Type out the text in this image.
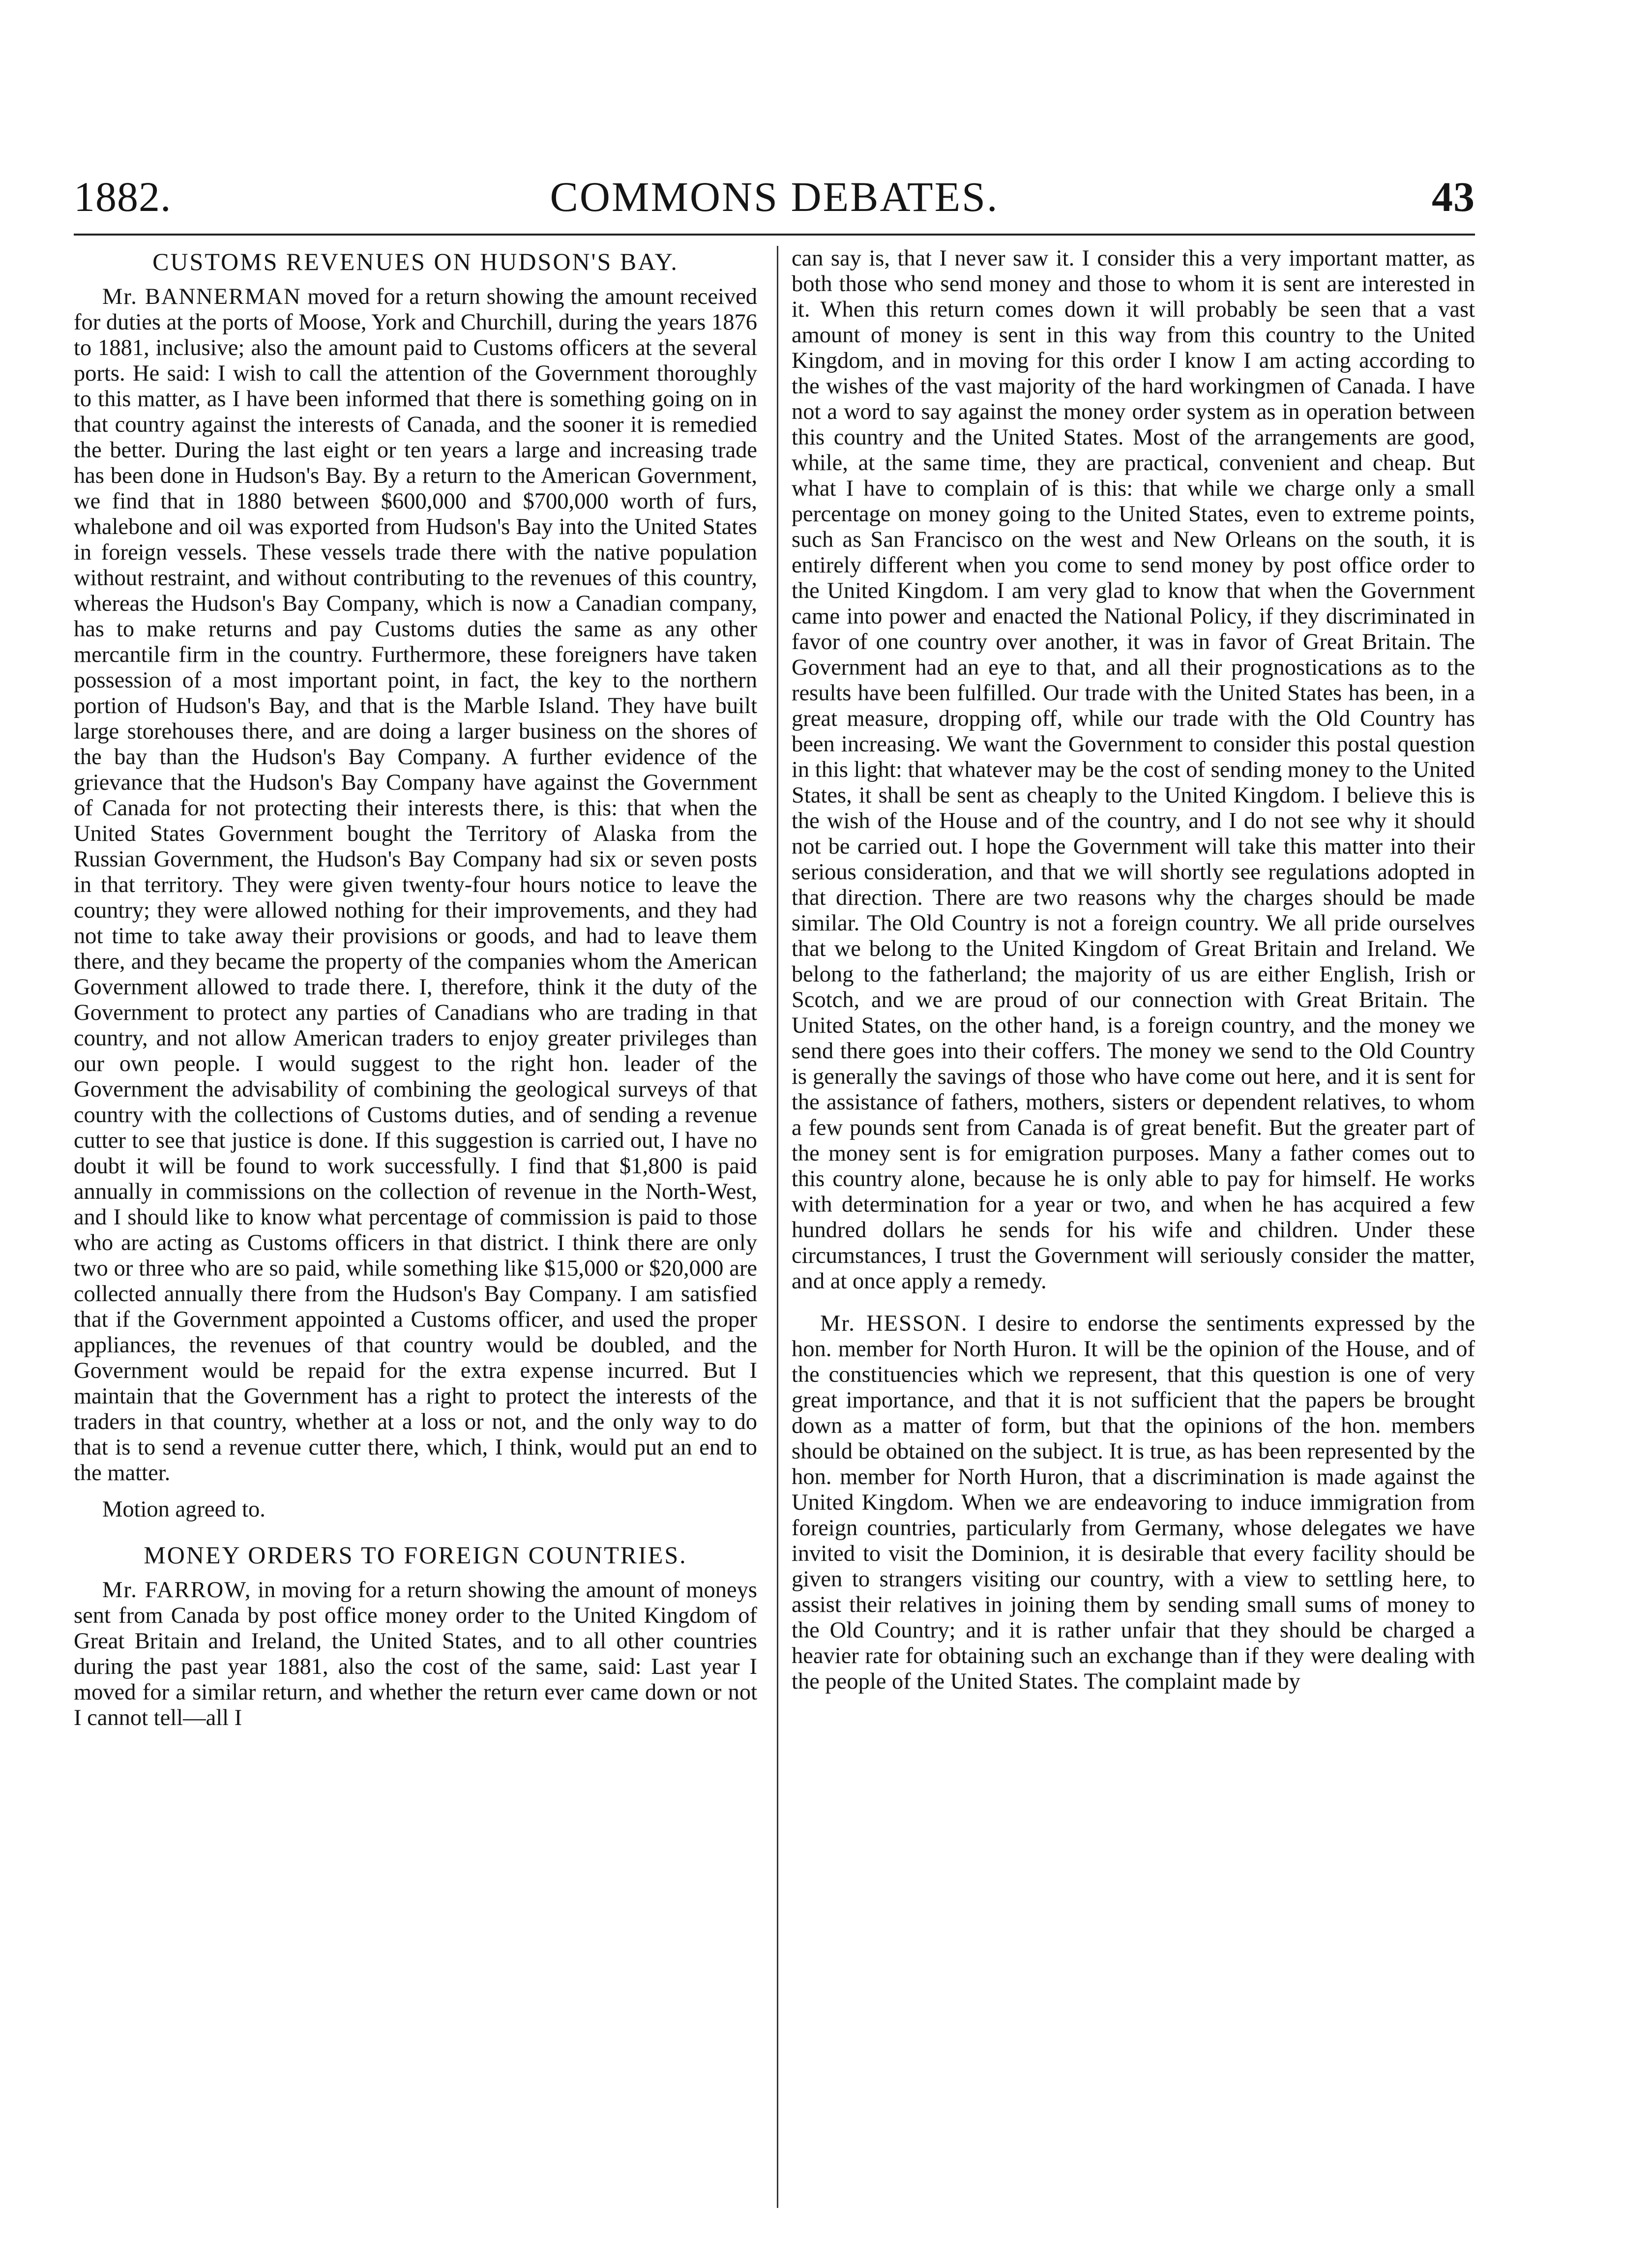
1882.	COMMONS DEBATES.	43
CUSTOMS REVENUES ON HUDSON'S BAY.

Mr. BANNERMAN moved for a return showing the amount received for duties at the ports of Moose, York and Churchill, during the years 1876 to 1881, inclusive; also the amount paid to Customs officers at the several ports. He said: I wish to call the attention of the Government thoroughly to this matter, as I have been informed that there is something going on in that country against the interests of Canada, and the sooner it is remedied the better. During the last eight or ten years a large and increasing trade has been done in Hudson's Bay. By a return to the American Government, we find that in 1880 between $600,000 and $700,000 worth of furs, whalebone and oil was exported from Hudson's Bay into the United States in foreign vessels. These vessels trade there with the native population without restraint, and without contributing to the revenues of this country, whereas the Hudson's Bay Company, which is now a Canadian company, has to make returns and pay Customs duties the same as any other mercantile firm in the country. Furthermore, these foreigners have taken possession of a most important point, in fact, the key to the northern portion of Hudson's Bay, and that is the Marble Island. They have built large storehouses there, and are doing a larger business on the shores of the bay than the Hudson's Bay Company. A further evidence of the grievance that the Hudson's Bay Company have against the Government of Canada for not protecting their interests there, is this: that when the United States Government bought the Territory of Alaska from the Russian Government, the Hudson's Bay Company had six or seven posts in that territory. They were given twenty-four hours notice to leave the country; they were allowed nothing for their improvements, and they had not time to take away their provisions or goods, and had to leave them there, and they became the property of the companies whom the American Government allowed to trade there. I, therefore, think it the duty of the Government to protect any parties of Canadians who are trading in that country, and not allow American traders to enjoy greater privileges than our own people. I would suggest to the right hon. leader of the Government the advisability of combining the geological surveys of that country with the collections of Customs duties, and of sending a revenue cutter to see that justice is done. If this suggestion is carried out, I have no doubt it will be found to work successfully. I find that $1,800 is paid annually in commissions on the collection of revenue in the North-West, and I should like to know what percentage of commission is paid to those who are acting as Customs officers in that district. I think there are only two or three who are so paid, while something like $15,000 or $20,000 are collected annually there from the Hudson's Bay Company. I am satisfied that if the Government appointed a Customs officer, and used the proper appliances, the revenues of that country would be doubled, and the Government would be repaid for the extra expense incurred. But I maintain that the Government has a right to protect the interests of the traders in that country, whether at a loss or not, and the only way to do that is to send a revenue cutter there, which, I think, would put an end to the matter.

Motion agreed to.

MONEY ORDERS TO FOREIGN COUNTRIES.

Mr. FARROW, in moving for a return showing the amount of moneys sent from Canada by post office money order to the United Kingdom of Great Britain and Ireland, the United States, and to all other countries during the past year 1881, also the cost of the same, said: Last year I moved for a similar return, and whether the return ever came down or not I cannot tell—all I

can say is, that I never saw it. I consider this a very important matter, as both those who send money and those to whom it is sent are interested in it. When this return comes down it will probably be seen that a vast amount of money is sent in this way from this country to the United Kingdom, and in moving for this order I know I am acting according to the wishes of the vast majority of the hard workingmen of Canada. I have not a word to say against the money order system as in operation between this country and the United States. Most of the arrangements are good, while, at the same time, they are practical, convenient and cheap. But what I have to complain of is this: that while we charge only a small percentage on money going to the United States, even to extreme points, such as San Francisco on the west and New Orleans on the south, it is entirely different when you come to send money by post office order to the United Kingdom. I am very glad to know that when the Government came into power and enacted the National Policy, if they discriminated in favor of one country over another, it was in favor of Great Britain. The Government had an eye to that, and all their prognostications as to the results have been fulfilled. Our trade with the United States has been, in a great measure, dropping off, while our trade with the Old Country has been increasing. We want the Government to consider this postal question in this light: that whatever may be the cost of sending money to the United States, it shall be sent as cheaply to the United Kingdom. I believe this is the wish of the House and of the country, and I do not see why it should not be carried out. I hope the Government will take this matter into their serious consideration, and that we will shortly see regulations adopted in that direction. There are two reasons why the charges should be made similar. The Old Country is not a foreign country. We all pride ourselves that we belong to the United Kingdom of Great Britain and Ireland. We belong to the fatherland; the majority of us are either English, Irish or Scotch, and we are proud of our connection with Great Britain. The United States, on the other hand, is a foreign country, and the money we send there goes into their coffers. The money we send to the Old Country is generally the savings of those who have come out here, and it is sent for the assistance of fathers, mothers, sisters or dependent relatives, to whom a few pounds sent from Canada is of great benefit. But the greater part of the money sent is for emigration purposes. Many a father comes out to this country alone, because he is only able to pay for himself. He works with determination for a year or two, and when he has acquired a few hundred dollars he sends for his wife and children. Under these circumstances, I trust the Government will seriously consider the matter, and at once apply a remedy.

Mr. HESSON. I desire to endorse the sentiments expressed by the hon. member for North Huron. It will be the opinion of the House, and of the constituencies which we represent, that this question is one of very great importance, and that it is not sufficient that the papers be brought down as a matter of form, but that the opinions of the hon. members should be obtained on the subject. It is true, as has been represented by the hon. member for North Huron, that a discrimination is made against the United Kingdom. When we are endeavoring to induce immigration from foreign countries, particularly from Germany, whose delegates we have invited to visit the Dominion, it is desirable that every facility should be given to strangers visiting our country, with a view to settling here, to assist their relatives in joining them by sending small sums of money to the Old Country; and it is rather unfair that they should be charged a heavier rate for obtaining such an exchange than if they were dealing with the people of the United States. The complaint made by
